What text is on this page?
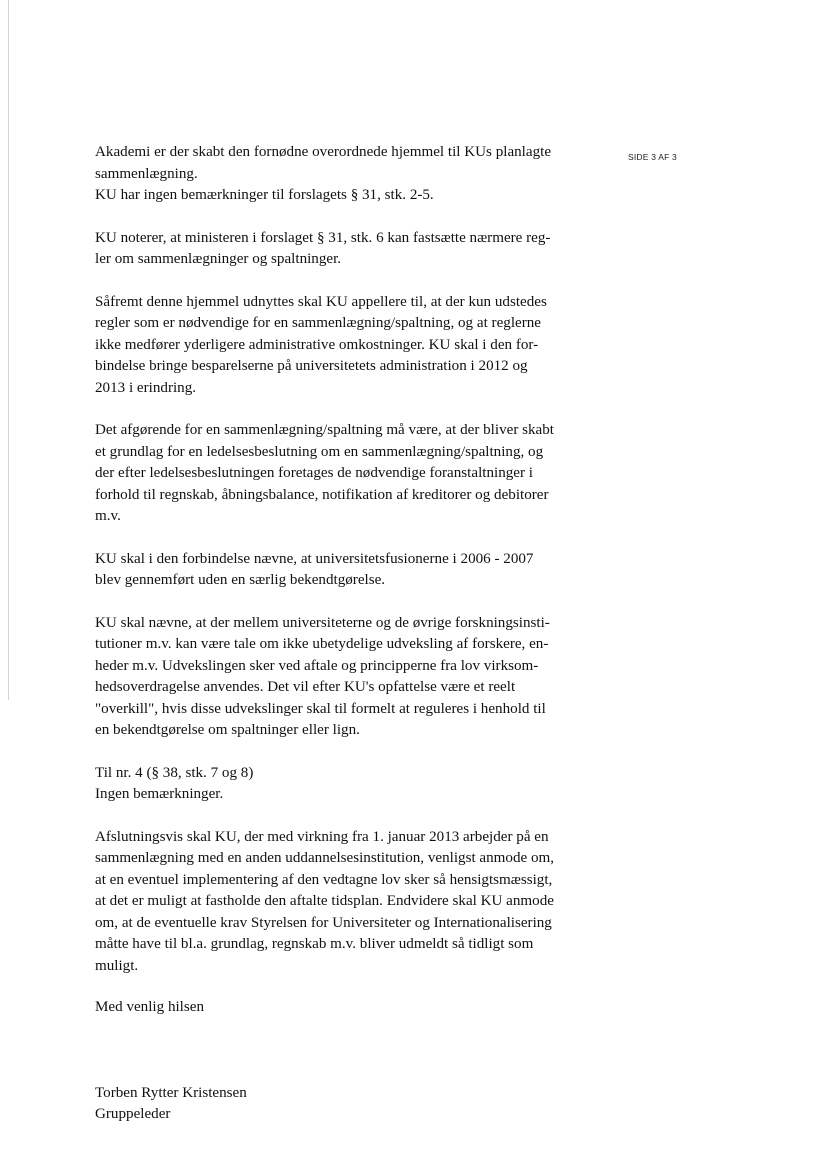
SIDE 3 AF 3

Akademi er der skabt den fornødne overordnede hjemmel til KUs planlagte
sammenlægning.
KU har ingen bemærkninger til forslagets § 31, stk. 2-5.

KU noterer, at ministeren i forslaget § 31, stk. 6 kan fastsætte nærmere reg-
ler om sammenlægninger og spaltninger.

Såfremt denne hjemmel udnyttes skal KU appellere til, at der kun udstedes
regler som er nødvendige for en sammenlægning/spaltning, og at reglerne
ikke medfører yderligere administrative omkostninger. KU skal i den for-
bindelse bringe besparelserne på universitetets administration i 2012 og
2013 i erindring.

Det afgørende for en sammenlægning/spaltning må være, at der bliver skabt
et grundlag for en ledelsesbeslutning om en sammenlægning/spaltning, og
der efter ledelsesbeslutningen foretages de nødvendige foranstaltninger i
forhold til regnskab, åbningsbalance, notifikation af kreditorer og debitorer
m.v.

KU skal i den forbindelse nævne, at universitetsfusionerne i 2006 - 2007
blev gennemført uden en særlig bekendtgørelse.

KU skal nævne, at der mellem universiteterne og de øvrige forskningsinsti-
tutioner m.v. kan være tale om ikke ubetydelige udveksling af forskere, en-
heder m.v. Udvekslingen sker ved aftale og principperne fra lov virksom-
hedsoverdragelse anvendes. Det vil efter KU's opfattelse være et reelt
"overkill", hvis disse udvekslinger skal til formelt at reguleres i henhold til
en bekendtgørelse om spaltninger eller lign.

Til nr. 4 (§ 38, stk. 7 og 8)
Ingen bemærkninger.

Afslutningsvis skal KU, der med virkning fra 1. januar 2013 arbejder på en
sammenlægning med en anden uddannelsesinstitution, venligst anmode om,
at en eventuel implementering af den vedtagne lov sker så hensigtsmæssigt,
at det er muligt at fastholde den aftalte tidsplan. Endvidere skal KU anmode
om, at de eventuelle krav Styrelsen for Universiteter og Internationalisering
måtte have til bl.a. grundlag, regnskab m.v. bliver udmeldt så tidligt som
muligt.

Med venlig hilsen

Torben Rytter Kristensen
Gruppeleder
